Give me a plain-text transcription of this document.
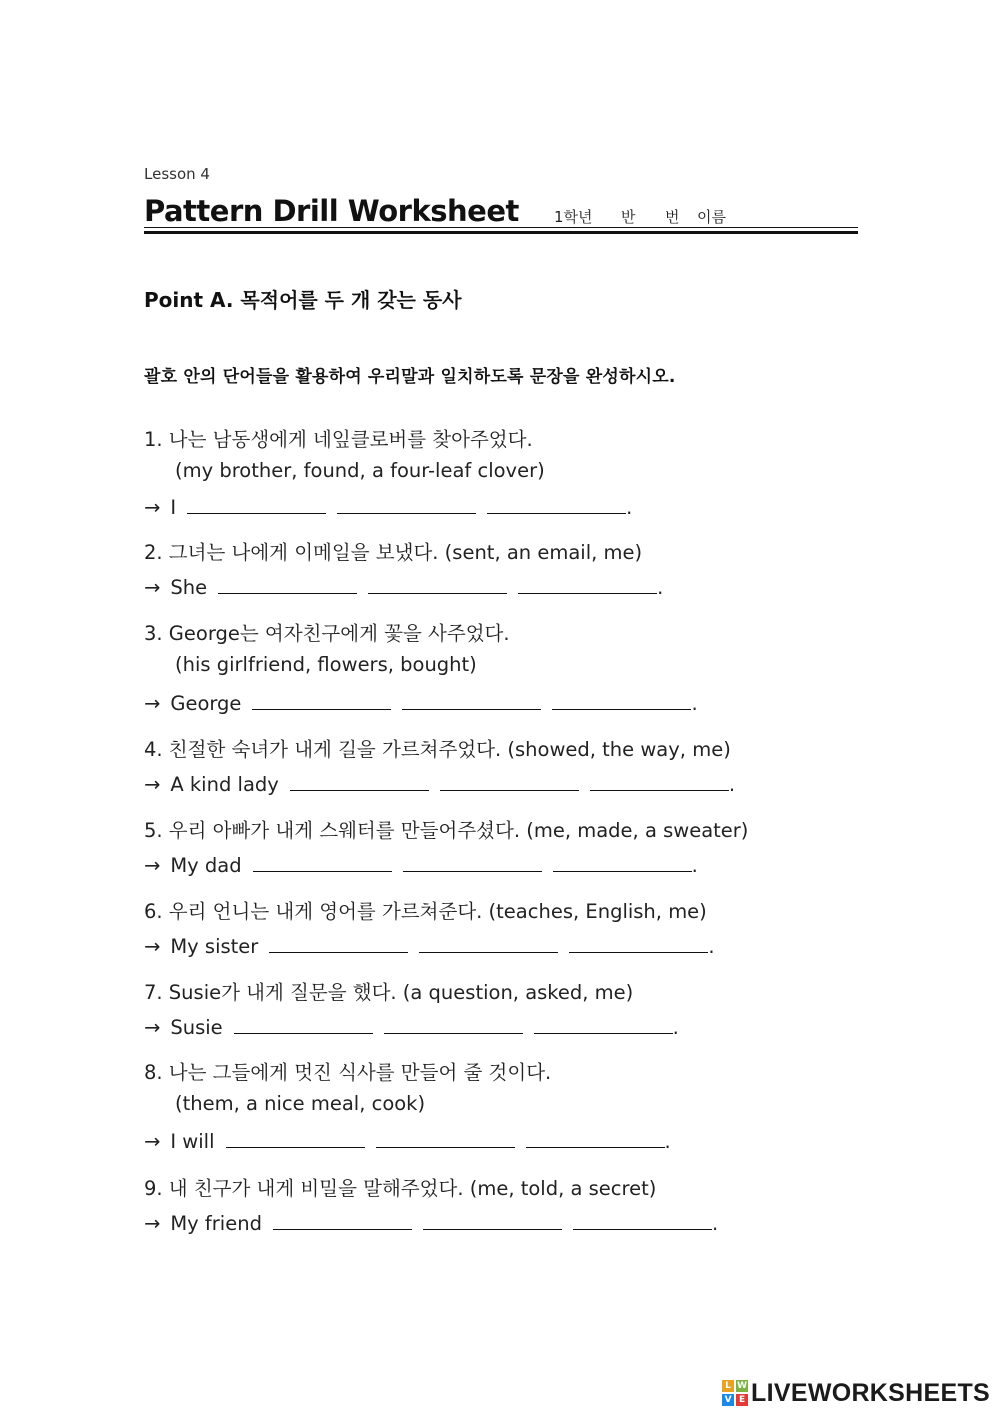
Lesson 4
Pattern Drill Worksheet 1학년 반 번 이름
Point A. 목적어를 두 개 갖는 동사
괄호 안의 단어들을 활용하여 우리말과 일치하도록 문장을 완성하시오.
1. 나는 남동생에게 네잎클로버를 찾아주었다.
(my brother, found, a four-leaf clover)
→ I	.
2. 그녀는 나에게 이메일을 보냈다. (sent, an email, me)
→ She	.
3. George는 여자친구에게 꽃을 사주었다.
(his girlfriend, flowers, bought)
→ George	.
4. 친절한 숙녀가 내게 길을 가르쳐주었다. (showed, the way, me)
→ A kind lady	.
5. 우리 아빠가 내게 스웨터를 만들어주셨다. (me, made, a sweater)
→ My dad	.
6. 우리 언니는 내게 영어를 가르쳐준다. (teaches, English, me)
→ My sister	.
7. Susie가 내게 질문을 했다. (a question, asked, me)
→ Susie	.
8. 나는 그들에게 멋진 식사를 만들어 줄 것이다.
(them, a nice meal, cook)
→ I will	.
9. 내 친구가 내게 비밀을 말해주었다. (me, told, a secret)
→ My friend	.
L W
V E LIVEWORKSHEETS
